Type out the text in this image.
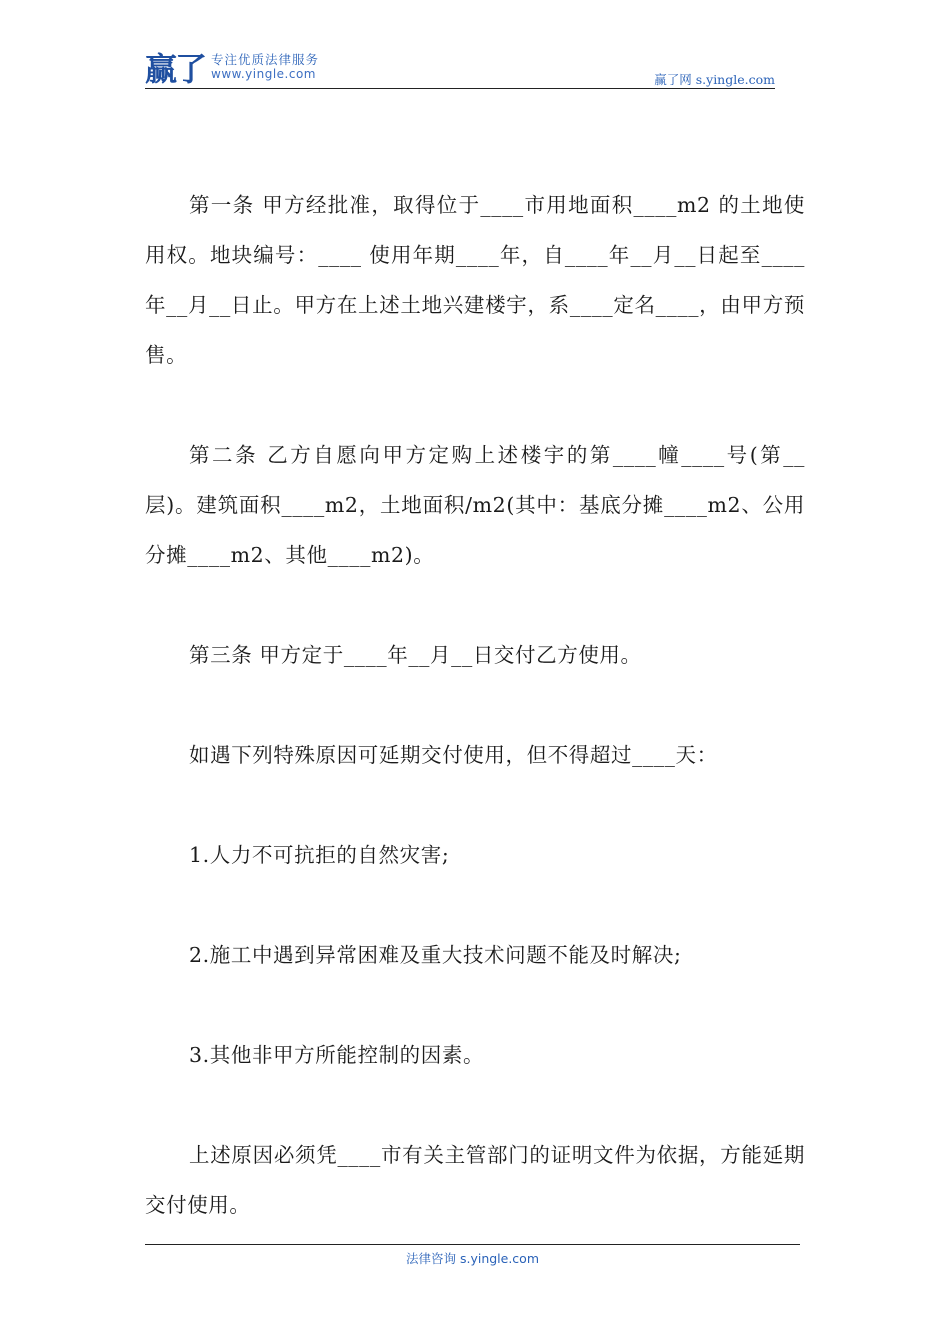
赢了 专注优质法律服务
www.yingle.com	赢了网 s.yingle.com

第一条 甲方经批准，取得位于____市用地面积____m2 的土地使用权。地块编号：____ 使用年期____年，自____年__月__日起至____年__月__日止。甲方在上述土地兴建楼宇，系____定名____，由甲方预售。

第二条 乙方自愿向甲方定购上述楼宇的第____幢____号(第__层)。建筑面积____m2，土地面积/m2(其中：基底分摊____m2、公用分摊____m2、其他____m2)。

第三条 甲方定于____年__月__日交付乙方使用。

如遇下列特殊原因可延期交付使用，但不得超过____天：

1.人力不可抗拒的自然灾害;

2.施工中遇到异常困难及重大技术问题不能及时解决;

3.其他非甲方所能控制的因素。

上述原因必须凭____市有关主管部门的证明文件为依据，方能延期交付使用。

法律咨询 s.yingle.com
